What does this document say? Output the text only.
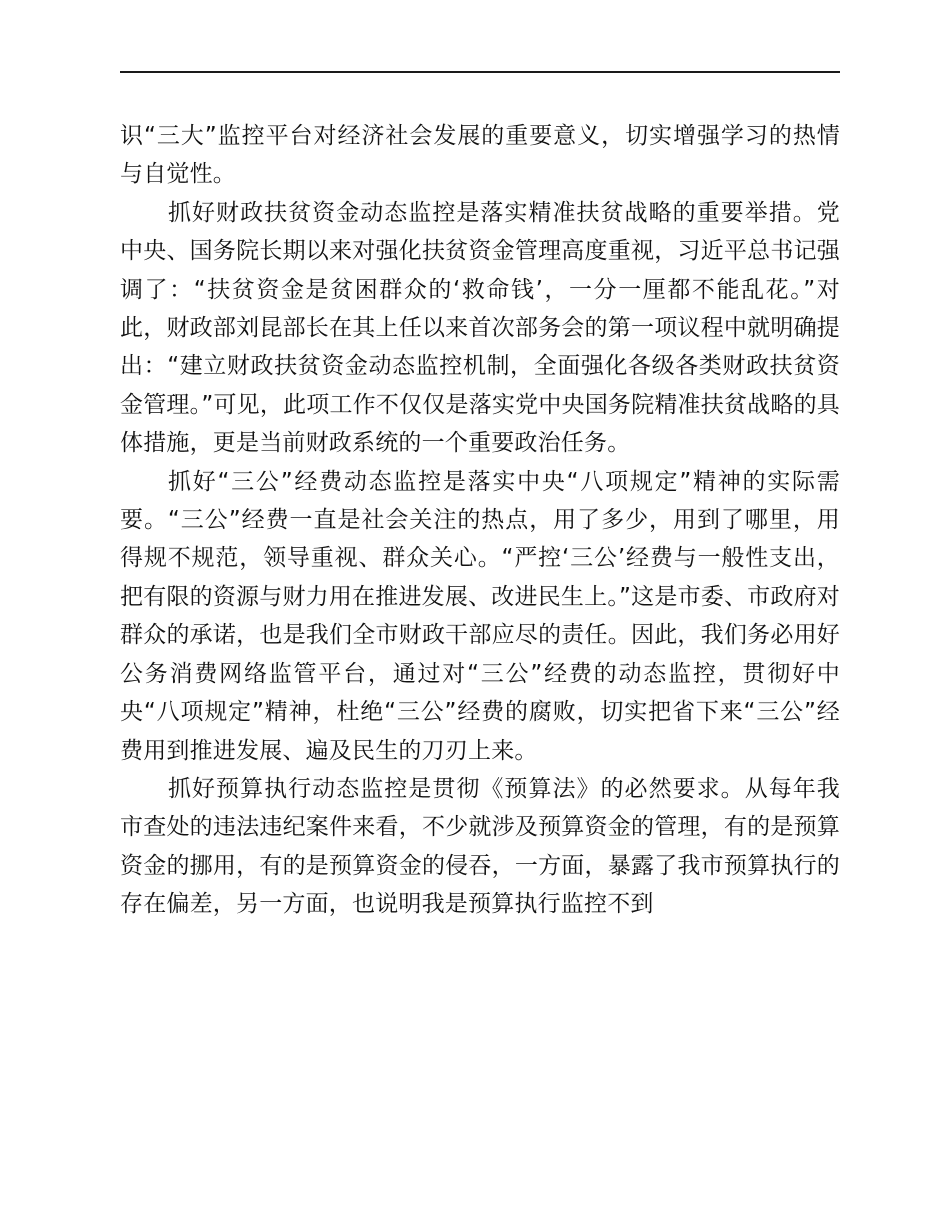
识“三大”监控平台对经济社会发展的重要意义，切实增强学习的热情与自觉性。

抓好财政扶贫资金动态监控是落实精准扶贫战略的重要举措。党中央、国务院长期以来对强化扶贫资金管理高度重视，习近平总书记强调了：“扶贫资金是贫困群众的‘救命钱’，一分一厘都不能乱花。”对此，财政部刘昆部长在其上任以来首次部务会的第一项议程中就明确提出：“建立财政扶贫资金动态监控机制，全面强化各级各类财政扶贫资金管理。”可见，此项工作不仅仅是落实党中央国务院精准扶贫战略的具体措施，更是当前财政系统的一个重要政治任务。

抓好“三公”经费动态监控是落实中央“八项规定”精神的实际需要。“三公”经费一直是社会关注的热点，用了多少，用到了哪里，用得规不规范，领导重视、群众关心。“严控‘三公’经费与一般性支出，把有限的资源与财力用在推进发展、改进民生上。”这是市委、市政府对群众的承诺，也是我们全市财政干部应尽的责任。因此，我们务必用好公务消费网络监管平台，通过对“三公”经费的动态监控，贯彻好中央“八项规定”精神，杜绝“三公”经费的腐败，切实把省下来“三公”经费用到推进发展、遍及民生的刀刃上来。

抓好预算执行动态监控是贯彻《预算法》的必然要求。从每年我市查处的违法违纪案件来看，不少就涉及预算资金的管理，有的是预算资金的挪用，有的是预算资金的侵吞，一方面，暴露了我市预算执行的存在偏差，另一方面，也说明我是预算执行监控不到
